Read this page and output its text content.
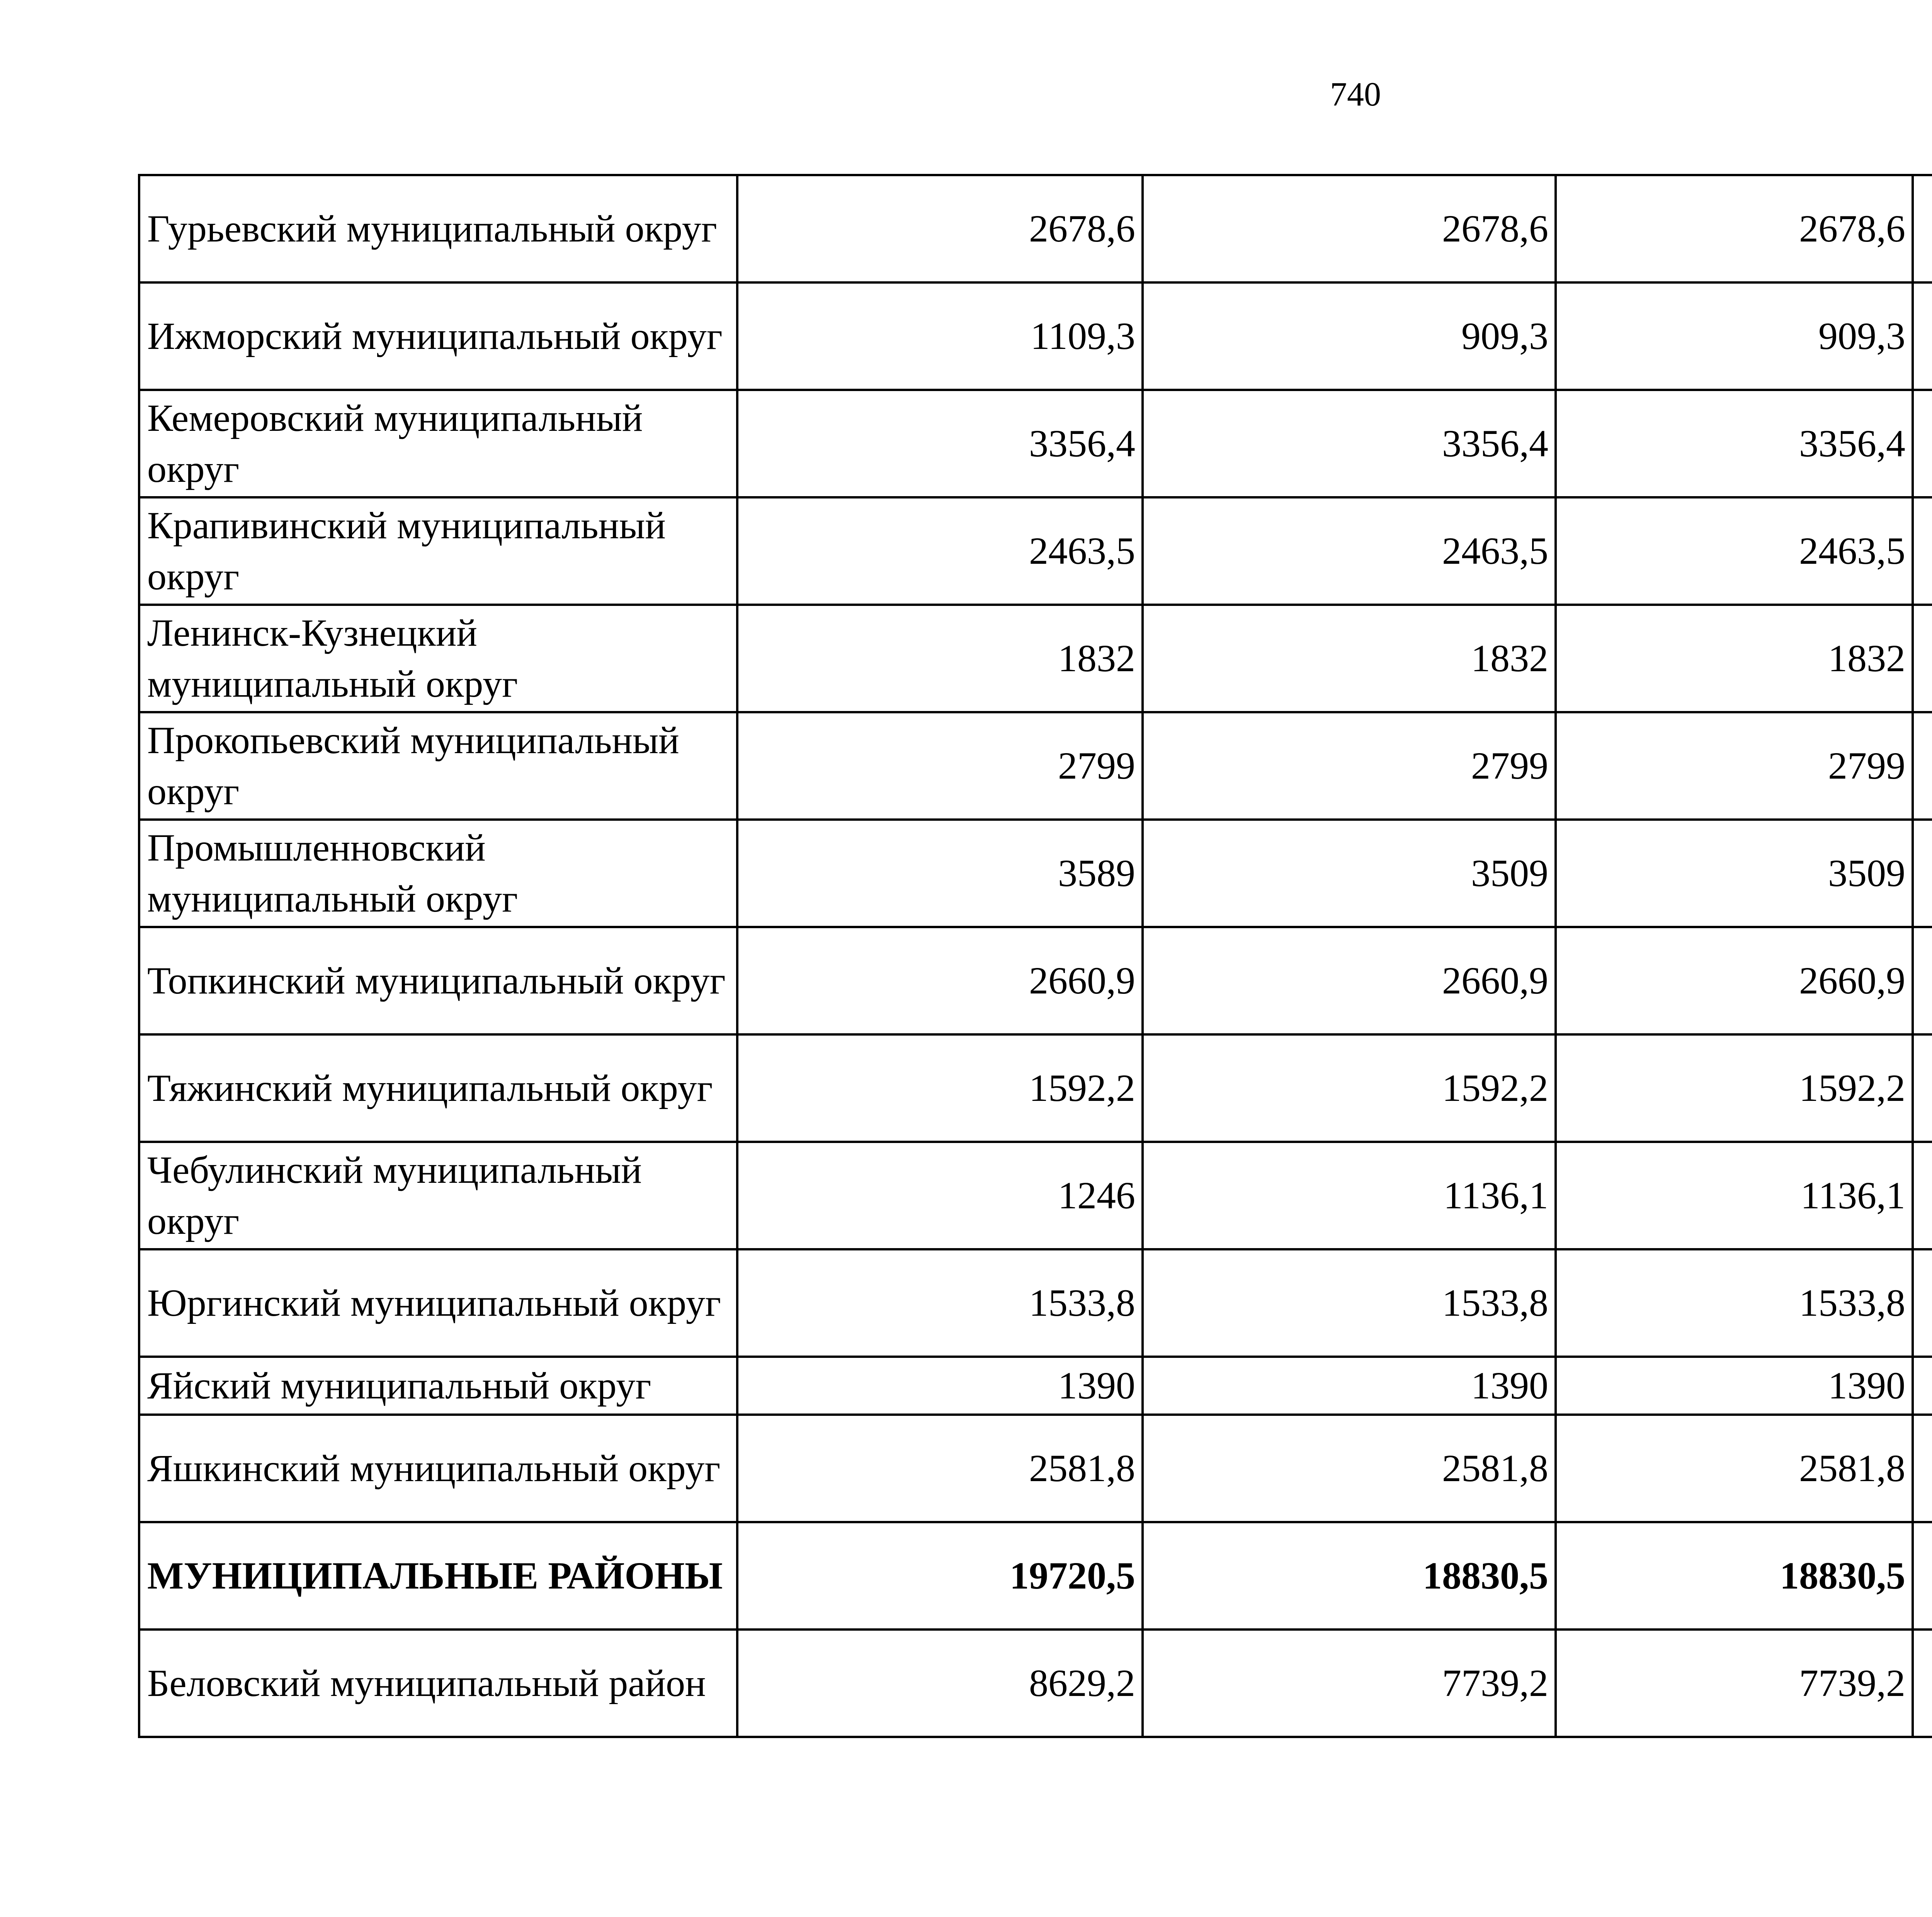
740
Гурьевский муниципальный округ	2678,6	2678,6	2678,6			
Ижморский муниципальный округ	1109,3	909,3	909,3			
Кемеровский муниципальный округ	3356,4	3356,4	3356,4			
Крапивинский муниципальный округ	2463,5	2463,5	2463,5			
Ленинск-Кузнецкий муниципальный округ	1832	1832	1832			
Прокопьевский муниципальный округ	2799	2799	2799			
Промышленновский муниципальный округ	3589	3509	3509			
Топкинский муниципальный округ	2660,9	2660,9	2660,9			
Тяжинский муниципальный округ	1592,2	1592,2	1592,2			
Чебулинский муниципальный округ	1246	1136,1	1136,1			
Юргинский муниципальный округ	1533,8	1533,8	1533,8			
Яйский муниципальный округ	1390	1390	1390			
Яшкинский муниципальный округ	2581,8	2581,8	2581,8			
МУНИЦИПАЛЬНЫЕ РАЙОНЫ	19720,5	18830,5	18830,5			
Беловский муниципальный район	8629,2	7739,2	7739,2			
